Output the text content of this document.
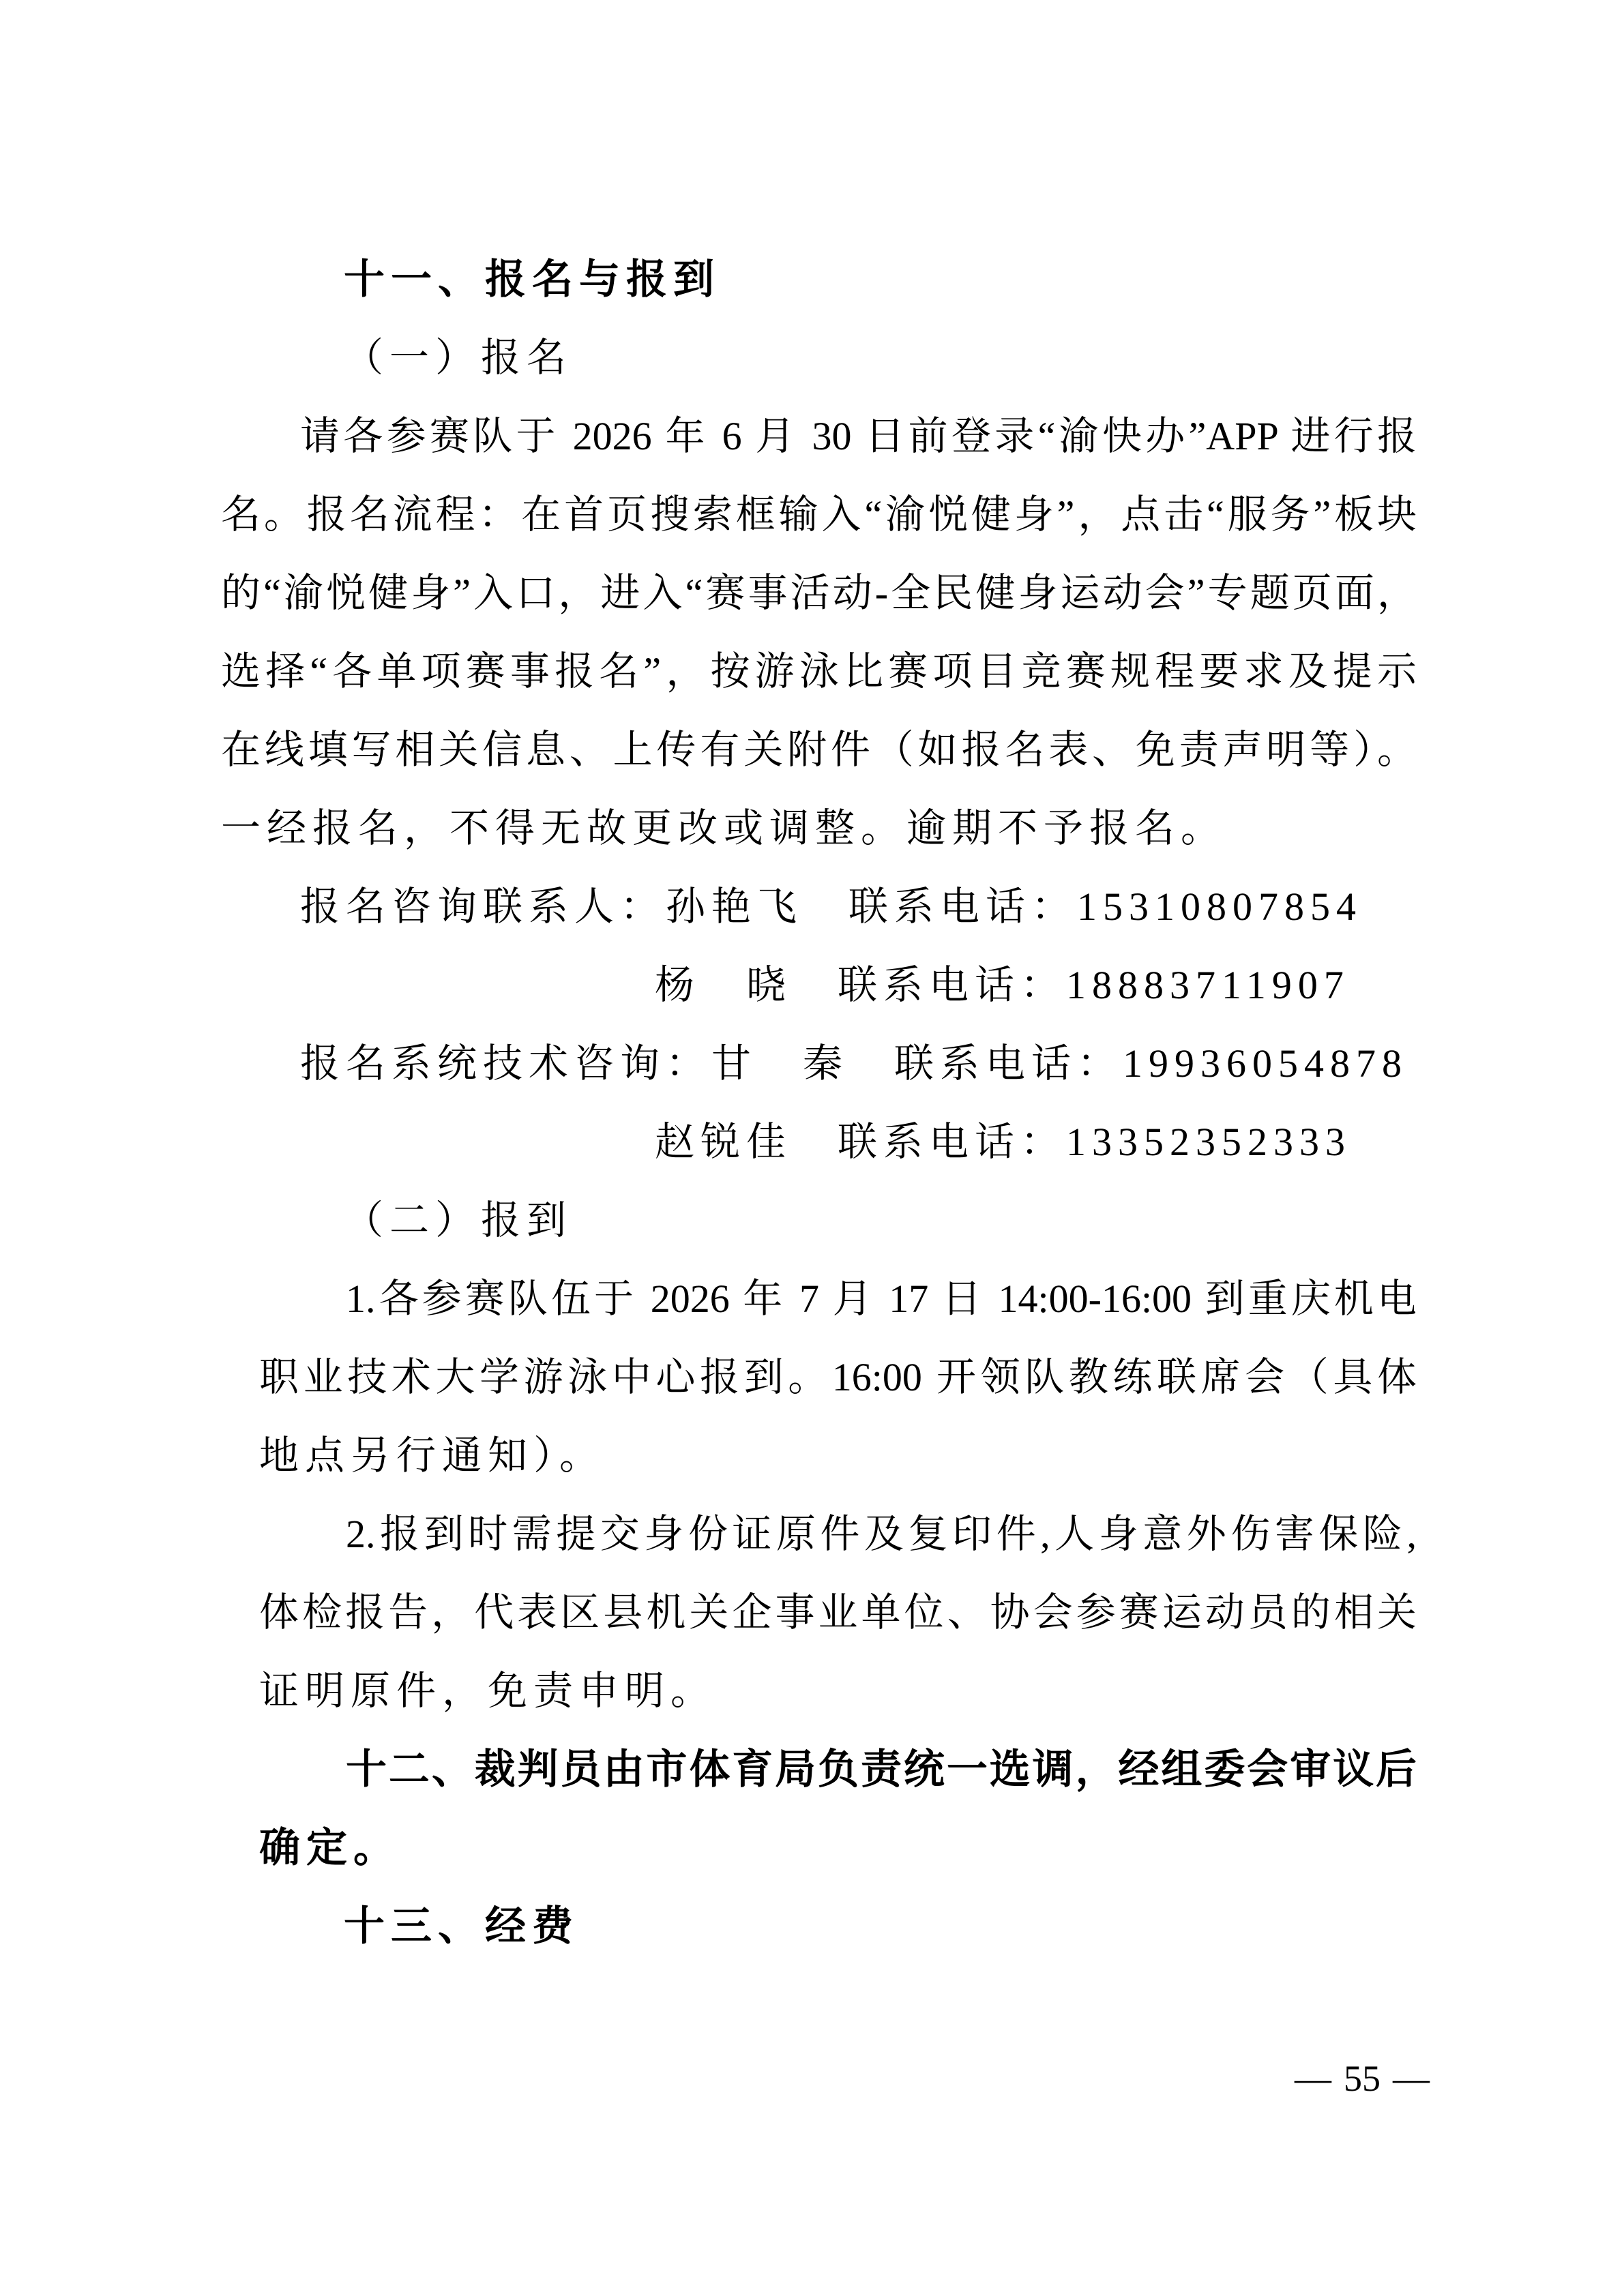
十一、报名与报到
（一）报名
请各参赛队于 2026 年 6 月 30 日前登录“渝快办”APP 进行报
名。报名流程：在首页搜索框输入“渝悦健身”，点击“服务”板块
的“渝悦健身”入口，进入“赛事活动-全民健身运动会”专题页面，
选择“各单项赛事报名”，按游泳比赛项目竞赛规程要求及提示
在线填写相关信息、上传有关附件（如报名表、免责声明等）。
一经报名，不得无故更改或调整。逾期不予报名。
报名咨询联系人：孙艳飞　联系电话：15310807854
杨　晓　联系电话：18883711907
报名系统技术咨询：甘　秦　联系电话：19936054878
赵锐佳　联系电话：13352352333
（二）报到
1.各参赛队伍于 2026 年 7 月 17 日 14:00-16:00 到重庆机电
职业技术大学游泳中心报到。16:00 开领队教练联席会（具体
地点另行通知）。
2.报到时需提交身份证原件及复印件,人身意外伤害保险,
体检报告，代表区县机关企事业单位、协会参赛运动员的相关
证明原件，免责申明。
十二、裁判员由市体育局负责统一选调，经组委会审议后
确定。
十三、经费
— 55 —
